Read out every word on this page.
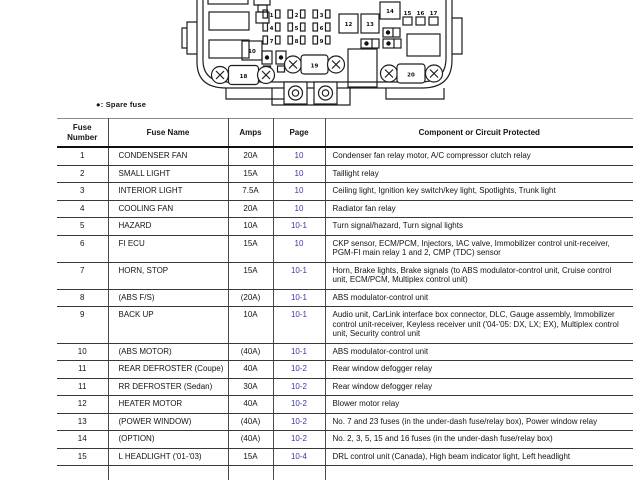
1	2	3
4	5	6
7	8	9
10
12	13
14 15 16 17
18
19
20
●: Spare fuse
Fuse Number	Fuse Name	Amps	Page	Component or Circuit Protected
1	CONDENSER FAN	20A	10	Condenser fan relay motor, A/C compressor clutch relay
2	SMALL LIGHT	15A	10	Taillight relay
3	INTERIOR LIGHT	7.5A	10	Ceiling light, Ignition key switch/key light, Spotlights, Trunk light
4	COOLING FAN	20A	10	Radiator fan relay
5	HAZARD	10A	10-1	Turn signal/hazard, Turn signal lights
6	FI ECU	15A	10	CKP sensor, ECM/PCM, Injectors, IAC valve, Immobilizer control unit-receiver, PGM-FI main relay 1 and 2, CMP (TDC) sensor
7	HORN, STOP	15A	10-1	Horn, Brake lights, Brake signals (to ABS modulator-control unit, Cruise control unit, ECM/PCM, Multiplex control unit)
8	(ABS F/S)	(20A)	10-1	ABS modulator-control unit
9	BACK UP	10A	10-1	Audio unit, CarLink interface box connector, DLC, Gauge assembly, Immobilizer control unit-receiver, Keyless receiver unit ('04-'05: DX, LX; EX), Multiplex control unit, Security control unit
10	(ABS MOTOR)	(40A)	10-1	ABS modulator-control unit
11	REAR DEFROSTER (Coupe)	40A	10-2	Rear window defogger relay
11	RR DEFROSTER (Sedan)	30A	10-2	Rear window defogger relay
12	HEATER MOTOR	40A	10-2	Blower motor relay
13	(POWER WINDOW)	(40A)	10-2	No. 7 and 23 fuses (in the under-dash fuse/relay box), Power window relay
14	(OPTION)	(40A)	10-2	No. 2, 3, 5, 15 and 16 fuses (in the under-dash fuse/relay box)
15	L HEADLIGHT ('01-'03)	15A	10-4	DRL control unit (Canada), High beam indicator light, Left headlight
